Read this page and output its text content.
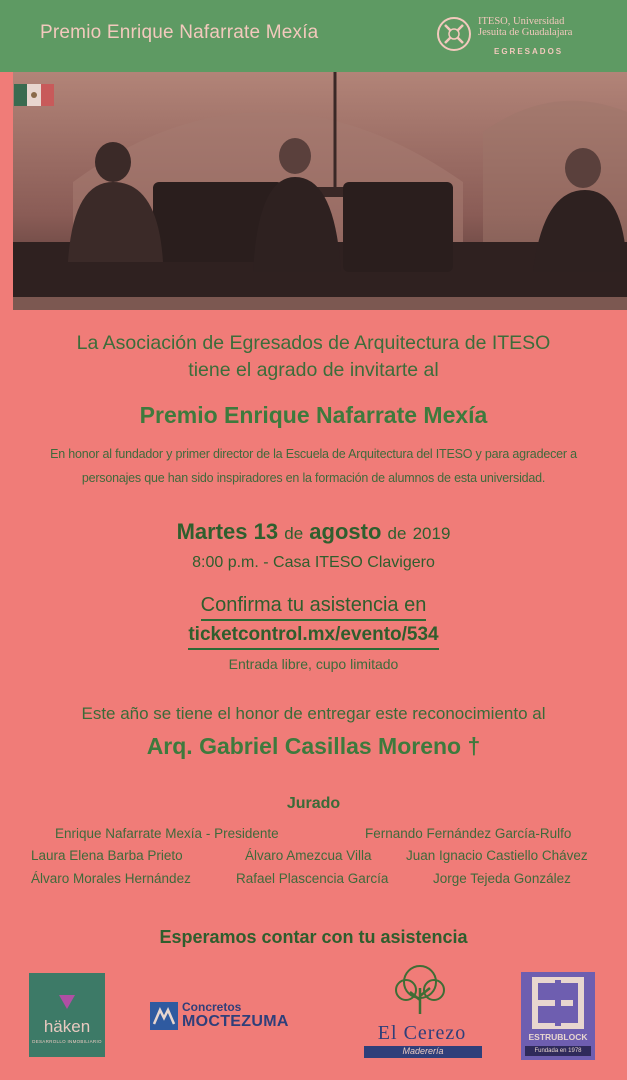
Premio Enrique Nafarrate Mexía
ITESO, Universidad
Jesuita de Guadalajara
EGRESADOS
La Asociación de Egresados de Arquitectura de ITESO
tiene el agrado de invitarte al
Premio Enrique Nafarrate Mexía
En honor al fundador y primer director de la Escuela de Arquitectura del ITESO y para agradecer a
personajes que han sido inspiradores en la formación de alumnos de esta universidad.
Martes 13 de agosto de 2019
8:00 p.m. - Casa ITESO Clavigero
Confirma tu asistencia en
ticketcontrol.mx/evento/534
Entrada libre, cupo limitado
Este año se tiene el honor de entregar este reconocimiento al
Arq. Gabriel Casillas Moreno †
Jurado
Enrique Nafarrate Mexía - Presidente	Fernando Fernández García-Rulfo
Laura Elena Barba Prieto	Álvaro Amezcua Villa	Juan Ignacio Castiello Chávez
Álvaro Morales Hernández	Rafael Plascencia García	Jorge Tejeda González
Esperamos contar con tu asistencia
häken
DESARROLLO INMOBILIARIO
Concretos
MOCTEZUMA
El Cerezo
Maderería
ESTRUBLOCK
Fundada en 1978
